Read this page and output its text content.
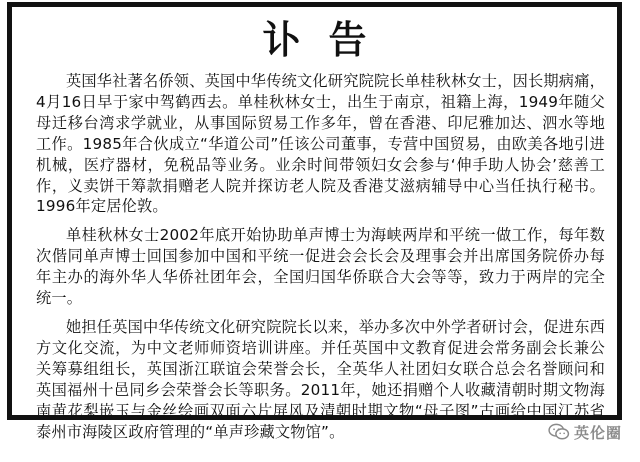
讣告

英国华社著名侨领、英国中华传统文化研究院院长单桂秋林女士，因长期病痛，4月16日早于家中驾鹤西去。单桂秋林女士，出生于南京，祖籍上海，1949年随父母迁移台湾求学就业，从事国际贸易工作多年，曾在香港、印尼雅加达、泗水等地工作。1985年合伙成立“华道公司”任该公司董事，专营中国贸易，由欧美各地引进机械，医疗器材，免税品等业务。业余时间带领妇女会参与‘伸手助人协会’慈善工作，义卖饼干筹款捐赠老人院并探访老人院及香港艾滋病辅导中心当任执行秘书。1996年定居伦敦。

单桂秋林女士2002年底开始协助单声博士为海峡两岸和平统一做工作，每年数次偕同单声博士回国参加中国和平统一促进会会长会及理事会并出席国务院侨办每年主办的海外华人华侨社团年会，全国归国华侨联合大会等等，致力于两岸的完全统一。

她担任英国中华传统文化研究院院长以来，举办多次中外学者研讨会，促进东西方文化交流，为中文老师师资培训讲座。并任英国中文教育促进会常务副会长兼公关筹募组组长，英国浙江联谊会荣誉会长，全英华人社团妇女联合总会名誉顾问和英国福州十邑同乡会荣誉会长等职务。2011年，她还捐赠个人收藏清朝时期文物海南黄花梨嵌玉与金丝绘画双面六片屏风及清朝时期文物“母子图”古画给中国江苏省泰州市海陵区政府管理的“单声珍藏文物馆”。	英伦圈
